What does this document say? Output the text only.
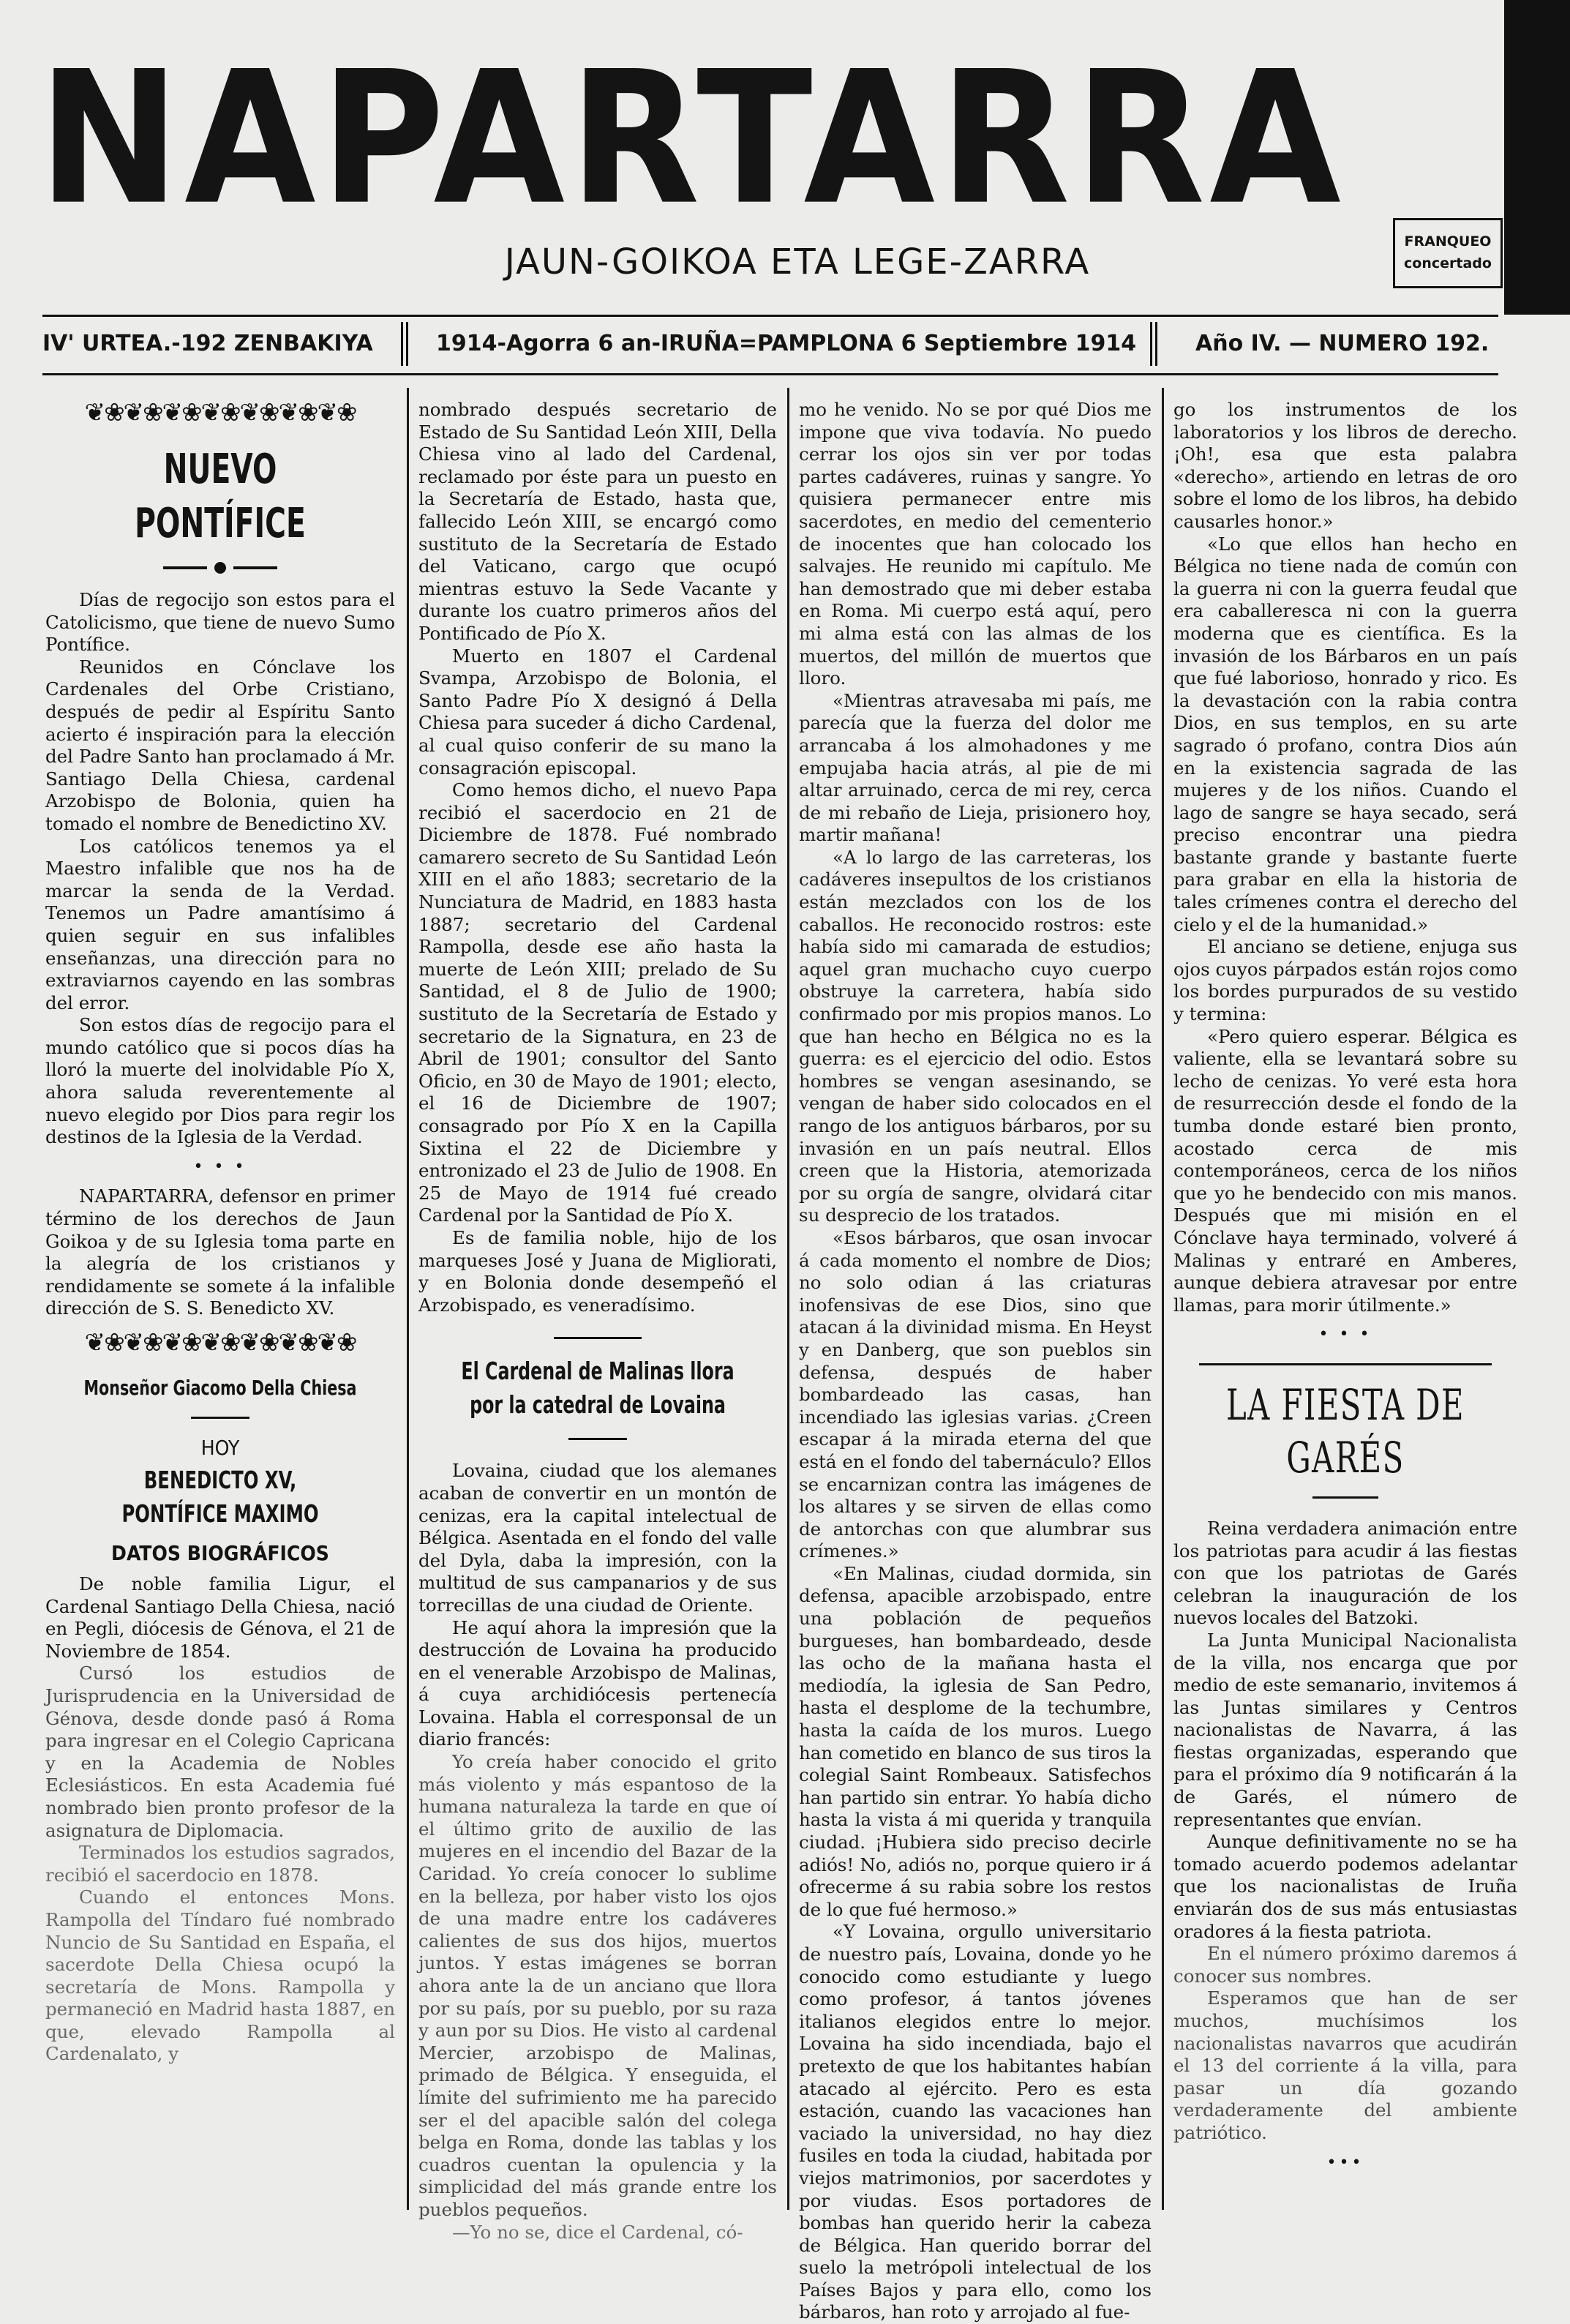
NAPARTARRA
JAUN-GOIKOA ETA LEGE-ZARRA	FRANQUEO
concertado
IV' URTEA.-192 ZENBAKIYA	1914-Agorra 6 an-IRUÑA=PAMPLONA 6 Septiembre 1914	Año IV. — NUMERO 192.
❦❀❦❀❦❀❦❀❦❀❦❀❦❀
NUEVO PONTÍFICE

Días de regocijo son estos para el Catolicismo, que tiene de nuevo Sumo Pontífice.

Reunidos en Cónclave los Cardenales del Orbe Cristiano, después de pedir al Espíritu Santo acierto é inspiración para la elección del Padre Santo han proclamado á Mr. Santiago Della Chiesa, cardenal Arzobispo de Bolonia, quien ha tomado el nombre de Benedictino XV.

Los católicos tenemos ya el Maestro infalible que nos ha de marcar la senda de la Verdad. Tenemos un Padre amantísimo á quien seguir en sus infalibles enseñanzas, una dirección para no extraviarnos cayendo en las sombras del error.

Son estos días de regocijo para el mundo católico que si pocos días ha lloró la muerte del inolvidable Pío X, ahora saluda reverentemente al nuevo elegido por Dios para regir los destinos de la Iglesia de la Verdad.

• • •

NAPARTARRA, defensor en primer término de los derechos de Jaun Goikoa y de su Iglesia toma parte en la alegría de los cristianos y rendidamente se somete á la infalible dirección de S. S. Benedicto XV.

❦❀❦❀❦❀❦❀❦❀❦❀❦❀
Monseñor Giacomo Della Chiesa
HOY
BENEDICTO XV,
PONTÍFICE MAXIMO
DATOS BIOGRÁFICOS

De noble familia Ligur, el Cardenal Santiago Della Chiesa, nació en Pegli, diócesis de Génova, el 21 de Noviembre de 1854.

Cursó los estudios de Jurisprudencia en la Universidad de Génova, desde donde pasó á Roma para ingresar en el Colegio Capricana y en la Academia de Nobles Eclesiásticos. En esta Academia fué nombrado bien pronto profesor de la asignatura de Diplomacia.

Terminados los estudios sagrados, recibió el sacerdocio en 1878.

Cuando el entonces Mons. Rampolla del Tíndaro fué nombrado Nuncio de Su Santidad en España, el sacerdote Della Chiesa ocupó la secretaría de Mons. Rampolla y permaneció en Madrid hasta 1887, en que, elevado Rampolla al Cardenalato, y

nombrado después secretario de Estado de Su Santidad León XIII, Della Chiesa vino al lado del Cardenal, reclamado por éste para un puesto en la Secretaría de Estado, hasta que, fallecido León XIII, se encargó como sustituto de la Secretaría de Estado del Vaticano, cargo que ocupó mientras estuvo la Sede Vacante y durante los cuatro primeros años del Pontificado de Pío X.

Muerto en 1807 el Cardenal Svampa, Arzobispo de Bolonia, el Santo Padre Pío X designó á Della Chiesa para suceder á dicho Cardenal, al cual quiso conferir de su mano la consagración episcopal.

Como hemos dicho, el nuevo Papa recibió el sacerdocio en 21 de Diciembre de 1878. Fué nombrado camarero secreto de Su Santidad León XIII en el año 1883; secretario de la Nunciatura de Madrid, en 1883 hasta 1887; secretario del Cardenal Rampolla, desde ese año hasta la muerte de León XIII; prelado de Su Santidad, el 8 de Julio de 1900; sustituto de la Secretaría de Estado y secretario de la Signatura, en 23 de Abril de 1901; consultor del Santo Oficio, en 30 de Mayo de 1901; electo, el 16 de Diciembre de 1907; consagrado por Pío X en la Capilla Sixtina el 22 de Diciembre y entronizado el 23 de Julio de 1908. En 25 de Mayo de 1914 fué creado Cardenal por la Santidad de Pío X.

Es de familia noble, hijo de los marqueses José y Juana de Migliorati, y en Bolonia donde desempeñó el Arzobispado, es veneradísimo.

El Cardenal de Malinas llora por la catedral de Lovaina

Lovaina, ciudad que los alemanes acaban de convertir en un montón de cenizas, era la capital intelectual de Bélgica. Asentada en el fondo del valle del Dyla, daba la impresión, con la multitud de sus campanarios y de sus torrecillas de una ciudad de Oriente.

He aquí ahora la impresión que la destrucción de Lovaina ha producido en el venerable Arzobispo de Malinas, á cuya archidiócesis pertenecía Lovaina. Habla el corresponsal de un diario francés:

Yo creía haber conocido el grito más violento y más espantoso de la humana naturaleza la tarde en que oí el último grito de auxilio de las mujeres en el incendio del Bazar de la Caridad. Yo creía conocer lo sublime en la belleza, por haber visto los ojos de una madre entre los cadáveres calientes de sus dos hijos, muertos juntos. Y estas imágenes se borran ahora ante la de un anciano que llora por su país, por su pueblo, por su raza y aun por su Dios. He visto al cardenal Mercier, arzobispo de Malinas, primado de Bélgica. Y enseguida, el límite del sufrimiento me ha parecido ser el del apacible salón del colega belga en Roma, donde las tablas y los cuadros cuentan la opulencia y la simplicidad del más grande entre los pueblos pequeños.

—Yo no se, dice el Cardenal, có-

mo he venido. No se por qué Dios me impone que viva todavía. No puedo cerrar los ojos sin ver por todas partes cadáveres, ruinas y sangre. Yo quisiera permanecer entre mis sacerdotes, en medio del cementerio de inocentes que han colocado los salvajes. He reunido mi capítulo. Me han demostrado que mi deber estaba en Roma. Mi cuerpo está aquí, pero mi alma está con las almas de los muertos, del millón de muertos que lloro.

«Mientras atravesaba mi país, me parecía que la fuerza del dolor me arrancaba á los almohadones y me empujaba hacia atrás, al pie de mi altar arruinado, cerca de mi rey, cerca de mi rebaño de Lieja, prisionero hoy, martir mañana!

«A lo largo de las carreteras, los cadáveres insepultos de los cristianos están mezclados con los de los caballos. He reconocido rostros: este había sido mi camarada de estudios; aquel gran muchacho cuyo cuerpo obstruye la carretera, había sido confirmado por mis propios manos. Lo que han hecho en Bélgica no es la guerra: es el ejercicio del odio. Estos hombres se vengan asesinando, se vengan de haber sido colocados en el rango de los antiguos bárbaros, por su invasión en un país neutral. Ellos creen que la Historia, atemorizada por su orgía de sangre, olvidará citar su desprecio de los tratados.

«Esos bárbaros, que osan invocar á cada momento el nombre de Dios; no solo odian á las criaturas inofensivas de ese Dios, sino que atacan á la divinidad misma. En Heyst y en Danberg, que son pueblos sin defensa, después de haber bombardeado las casas, han incendiado las iglesias varias. ¿Creen escapar á la mirada eterna del que está en el fondo del tabernáculo? Ellos se encarnizan contra las imágenes de los altares y se sirven de ellas como de antorchas con que alumbrar sus crímenes.»

«En Malinas, ciudad dormida, sin defensa, apacible arzobispado, entre una población de pequeños burgueses, han bombardeado, desde las ocho de la mañana hasta el mediodía, la iglesia de San Pedro, hasta el desplome de la techumbre, hasta la caída de los muros. Luego han cometido en blanco de sus tiros la colegial Saint Rombeaux. Satisfechos han partido sin entrar. Yo había dicho hasta la vista á mi querida y tranquila ciudad. ¡Hubiera sido preciso decirle adiós! No, adiós no, porque quiero ir á ofrecerme á su rabia sobre los restos de lo que fué hermoso.»

«Y Lovaina, orgullo universitario de nuestro país, Lovaina, donde yo he conocido como estudiante y luego como profesor, á tantos jóvenes italianos elegidos entre lo mejor. Lovaina ha sido incendiada, bajo el pretexto de que los habitantes habían atacado al ejército. Pero es esta estación, cuando las vacaciones han vaciado la universidad, no hay diez fusiles en toda la ciudad, habitada por viejos matrimonios, por sacerdotes y por viudas. Esos portadores de bombas han querido herir la cabeza de Bélgica. Han querido borrar del suelo la metrópoli intelectual de los Países Bajos y para ello, como los bárbaros, han roto y arrojado al fue-

go los instrumentos de los laboratorios y los libros de derecho. ¡Oh!, esa que esta palabra «derecho», artiendo en letras de oro sobre el lomo de los libros, ha debido causarles honor.»

«Lo que ellos han hecho en Bélgica no tiene nada de común con la guerra ni con la guerra feudal que era caballeresca ni con la guerra moderna que es científica. Es la invasión de los Bárbaros en un país que fué laborioso, honrado y rico. Es la devastación con la rabia contra Dios, en sus templos, en su arte sagrado ó profano, contra Dios aún en la existencia sagrada de las mujeres y de los niños. Cuando el lago de sangre se haya secado, será preciso encontrar una piedra bastante grande y bastante fuerte para grabar en ella la historia de tales crímenes contra el derecho del cielo y el de la humanidad.»

El anciano se detiene, enjuga sus ojos cuyos párpados están rojos como los bordes purpurados de su vestido y termina:

«Pero quiero esperar. Bélgica es valiente, ella se levantará sobre su lecho de cenizas. Yo veré esta hora de resurrección desde el fondo de la tumba donde estaré bien pronto, acostado cerca de mis contemporáneos, cerca de los niños que yo he bendecido con mis manos. Después que mi misión en el Cónclave haya terminado, volveré á Malinas y entraré en Amberes, aunque debiera atravesar por entre llamas, para morir útilmente.»

• • •
LA FIESTA DE GARÉS

Reina verdadera animación entre los patriotas para acudir á las fiestas con que los patriotas de Garés celebran la inauguración de los nuevos locales del Batzoki.

La Junta Municipal Nacionalista de la villa, nos encarga que por medio de este semanario, invitemos á las Juntas similares y Centros nacionalistas de Navarra, á las fiestas organizadas, esperando que para el próximo día 9 notificarán á la de Garés, el número de representantes que envían.

Aunque definitivamente no se ha tomado acuerdo podemos adelantar que los nacionalistas de Iruña enviarán dos de sus más entusiastas oradores á la fiesta patriota.

En el número próximo daremos á conocer sus nombres.

Esperamos que han de ser muchos, muchísimos los nacionalistas navarros que acudirán el 13 del corriente á la villa, para pasar un día gozando verdaderamente del ambiente patriótico.

•••
